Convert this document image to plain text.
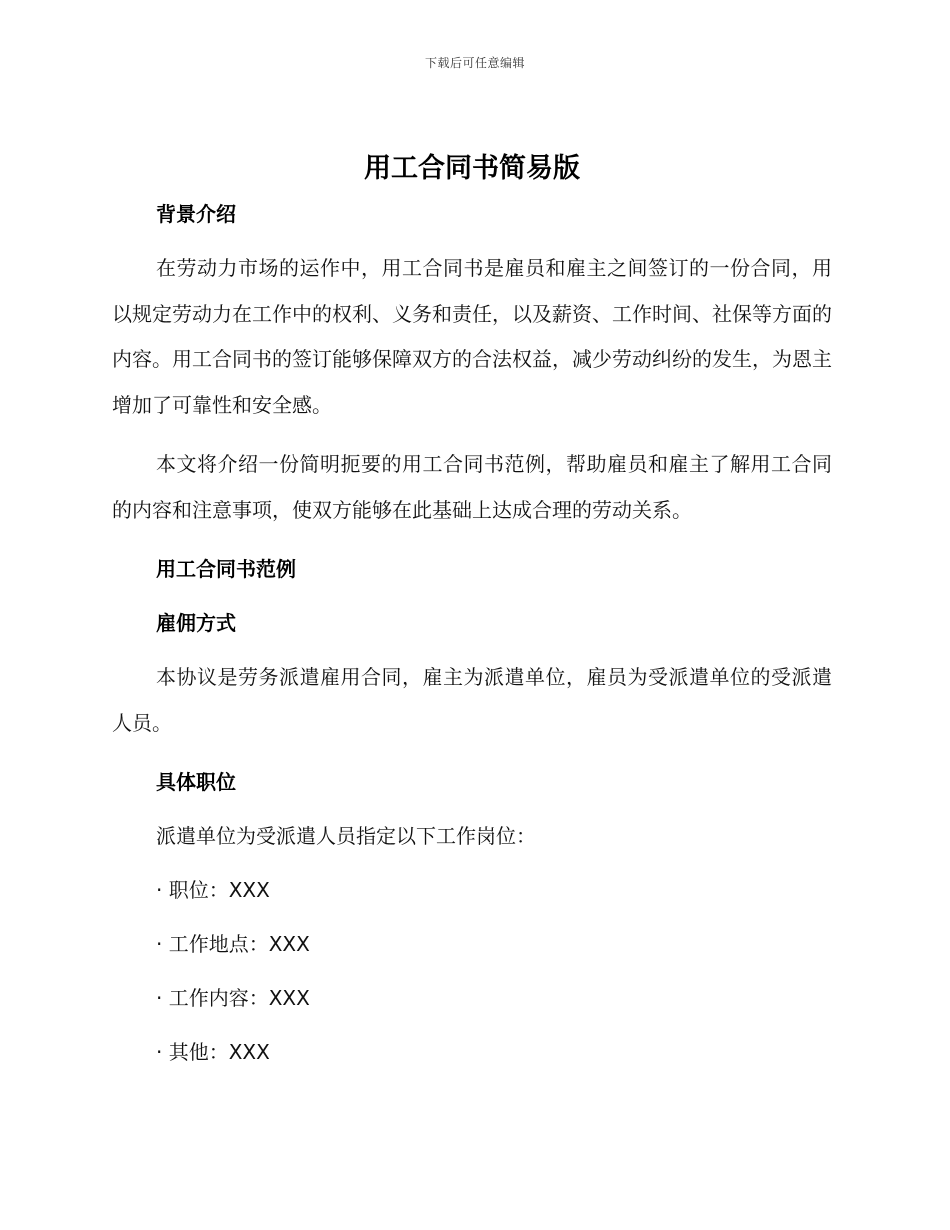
下载后可任意编辑
用工合同书简易版
背景介绍

在劳动力市场的运作中，用工合同书是雇员和雇主之间签订的一份合同，用以规定劳动力在工作中的权利、义务和责任，以及薪资、工作时间、社保等方面的内容。用工合同书的签订能够保障双方的合法权益，减少劳动纠纷的发生，为恩主增加了可靠性和安全感。

本文将介绍一份简明扼要的用工合同书范例，帮助雇员和雇主了解用工合同的内容和注意事项，使双方能够在此基础上达成合理的劳动关系。

用工合同书范例
雇佣方式

本协议是劳务派遣雇用合同，雇主为派遣单位，雇员为受派遣单位的受派遣人员。

具体职位

派遣单位为受派遣人员指定以下工作岗位：

· 职位：XXX

· 工作地点：XXX

· 工作内容：XXX

· 其他：XXX
